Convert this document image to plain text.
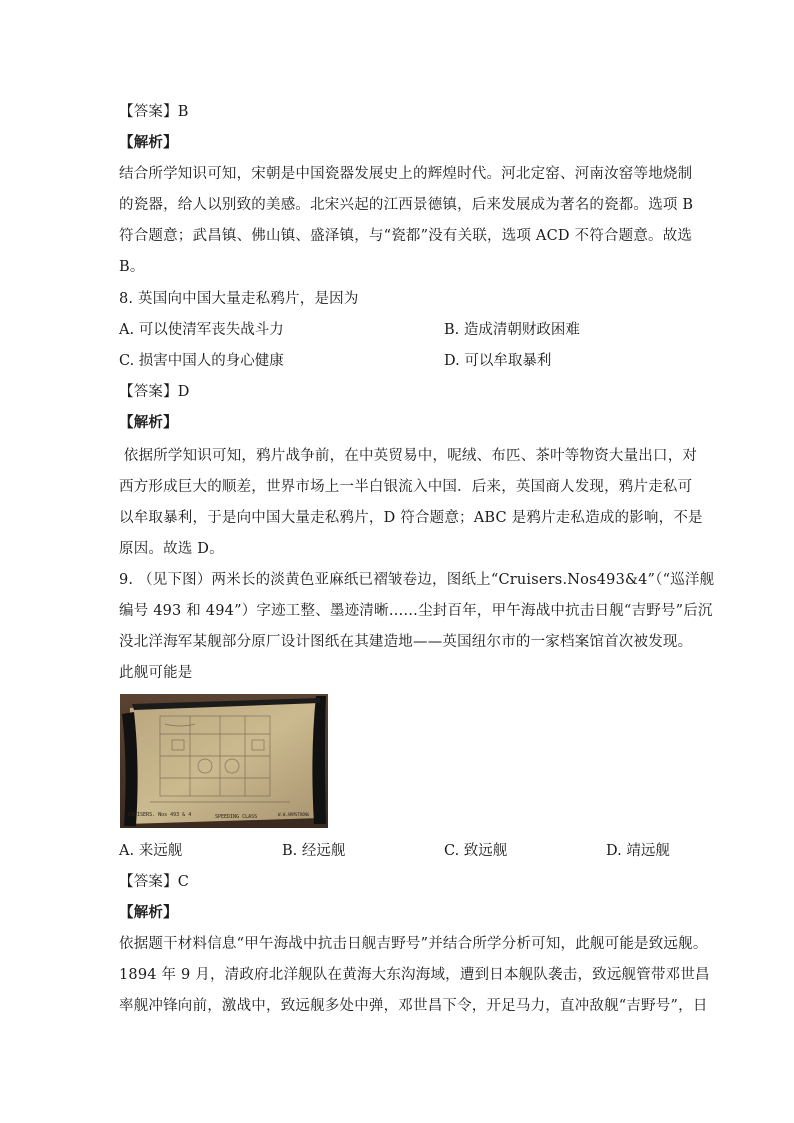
【答案】B
【解析】
结合所学知识可知，宋朝是中国瓷器发展史上的辉煌时代。河北定窑、河南汝窑等地烧制
的瓷器，给人以别致的美感。北宋兴起的江西景德镇，后来发展成为著名的瓷都。选项 B
符合题意；武昌镇、佛山镇、盛泽镇，与“瓷都”没有关联，选项 ACD 不符合题意。故选
B。
8. 英国向中国大量走私鸦片，是因为
A. 可以使清军丧失战斗力	B. 造成清朝财政困难
C. 损害中国人的身心健康	D. 可以牟取暴利
【答案】D
【解析】
依据所学知识可知，鸦片战争前，在中英贸易中，呢绒、布匹、茶叶等物资大量出口，对
西方形成巨大的顺差，世界市场上一半白银流入中国．后来，英国商人发现，鸦片走私可
以牟取暴利，于是向中国大量走私鸦片，D 符合题意；ABC 是鸦片走私造成的影响，不是
原因。故选 D。
9. （见下图）两米长的淡黄色亚麻纸已褶皱卷边，图纸上“Cruisers.Nos493&4”（“巡洋舰
编号 493 和 494”）字迹工整、墨迹清晰……尘封百年，甲午海战中抗击日舰“吉野号”后沉
没北洋海军某舰部分原厂设计图纸在其建造地——英国纽尔市的一家档案馆首次被发现。
此舰可能是
CRUISERS. Nos 493 & 4	SPEEDING CLASS	W.W.ARMSTRONG
A. 来远舰	B. 经远舰	C. 致远舰	D. 靖远舰
【答案】C
【解析】
依据题干材料信息“甲午海战中抗击日舰吉野号”并结合所学分析可知，此舰可能是致远舰。
1894 年 9 月，清政府北洋舰队在黄海大东沟海域，遭到日本舰队袭击，致远舰管带邓世昌
率舰冲锋向前，激战中，致远舰多处中弹，邓世昌下令，开足马力，直冲敌舰“吉野号”，日
